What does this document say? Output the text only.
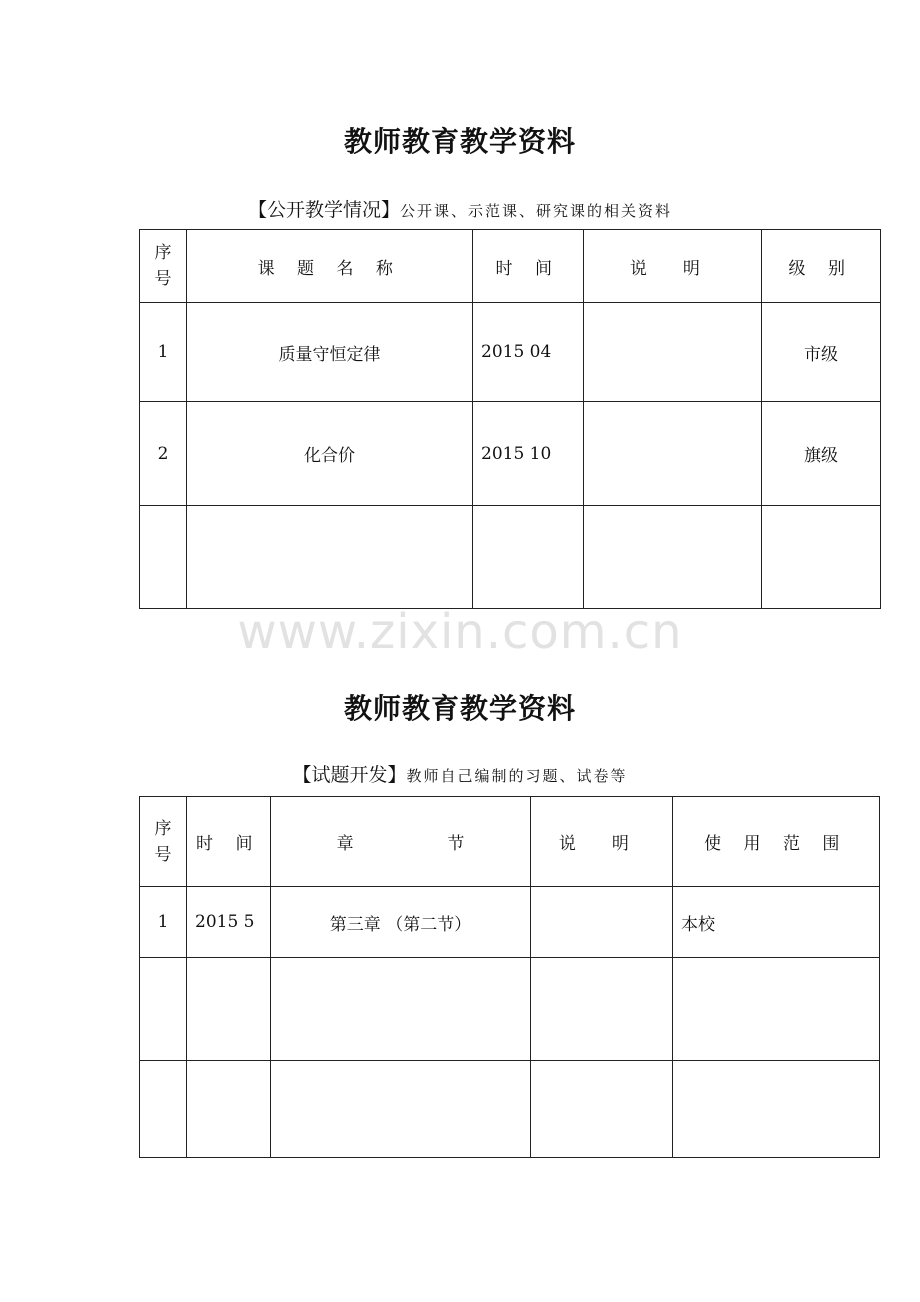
教师教育教学资料
【公开教学情况】公开课、示范课、研究课的相关资料
序
号	课 题 名 称	时 间	说 明	级 别
1	质量守恒定律	2015 04		市级
2	化合价	2015 10		旗级

www.zixin.com.cn
教师教育教学资料
【试题开发】教师自己编制的习题、试卷等
序
号	时 间	章 节	说 明	使 用 范 围
1	2015 5	第三章 （第二节）		本校
